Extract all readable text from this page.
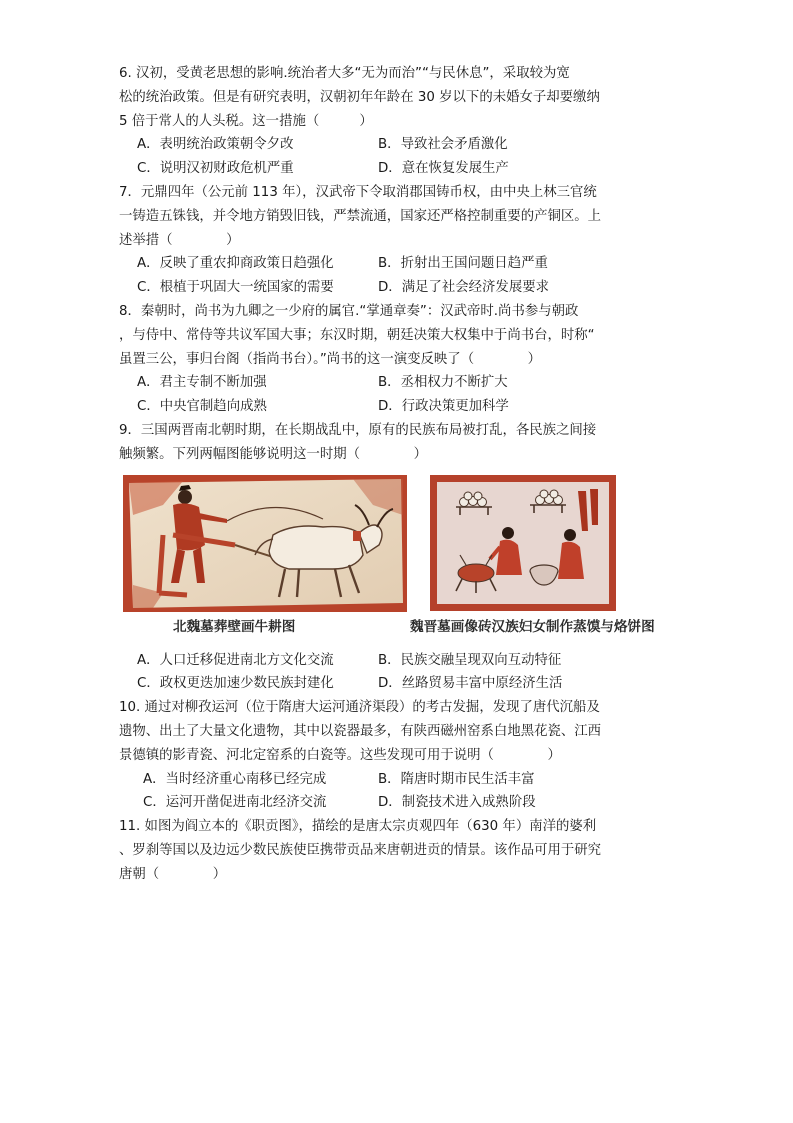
6. 汉初，受黄老思想的影响.统治者大多“无为而治”“与民休息”，采取较为宽
松的统治政策。但是有研究表明，汉朝初年年龄在 30 岁以下的未婚女子却要缴纳
5 倍于常人的人头税。这一措施（　　　）
A．表明统治政策朝令夕改	B．导致社会矛盾激化
C．说明汉初财政危机严重	D．意在恢复发展生产
7．元鼎四年（公元前 113 年），汉武帝下令取消郡国铸币权，由中央上林三官统
一铸造五铢钱，并令地方销毁旧钱，严禁流通，国家还严格控制重要的产铜区。上
述举措（　　　　）
A．反映了重农抑商政策日趋强化	B．折射出王国问题日趋严重
C．根植于巩固大一统国家的需要	D．满足了社会经济发展要求
8．秦朝时，尚书为九卿之一少府的属官.“掌通章奏”：汉武帝时.尚书参与朝政
，与侍中、常侍等共议军国大事；东汉时期，朝廷决策大权集中于尚书台，时称“
虽置三公，事归台阁（指尚书台）。”尚书的这一演变反映了（　　　　）
A．君主专制不断加强	B．丞相权力不断扩大
C．中央官制趋向成熟	D．行政决策更加科学
9．三国两晋南北朝时期，在长期战乱中，原有的民族布局被打乱，各民族之间接
触频繁。下列两幅图能够说明这一时期（　　　　）
北魏墓葬壁画牛耕图	魏晋墓画像砖汉族妇女制作蒸馍与烙饼图
A．人口迁移促进南北方文化交流	B．民族交融呈现双向互动特征
C．政权更迭加速少数民族封建化	D．丝路贸易丰富中原经济生活
10. 通过对柳孜运河（位于隋唐大运河通济渠段）的考古发掘，发现了唐代沉船及
遗物、出土了大量文化遗物，其中以瓷器最多，有陕西磁州窑系白地黑花瓷、江西
景德镇的影青瓷、河北定窑系的白瓷等。这些发现可用于说明（　　　　）
A．当时经济重心南移已经完成	B．隋唐时期市民生活丰富
C．运河开凿促进南北经济交流	D．制瓷技术进入成熟阶段
11. 如图为阎立本的《职贡图》，描绘的是唐太宗贞观四年（630 年）南洋的婆利
、罗刹等国以及边远少数民族使臣携带贡品来唐朝进贡的情景。该作品可用于研究
唐朝（　　　　）
